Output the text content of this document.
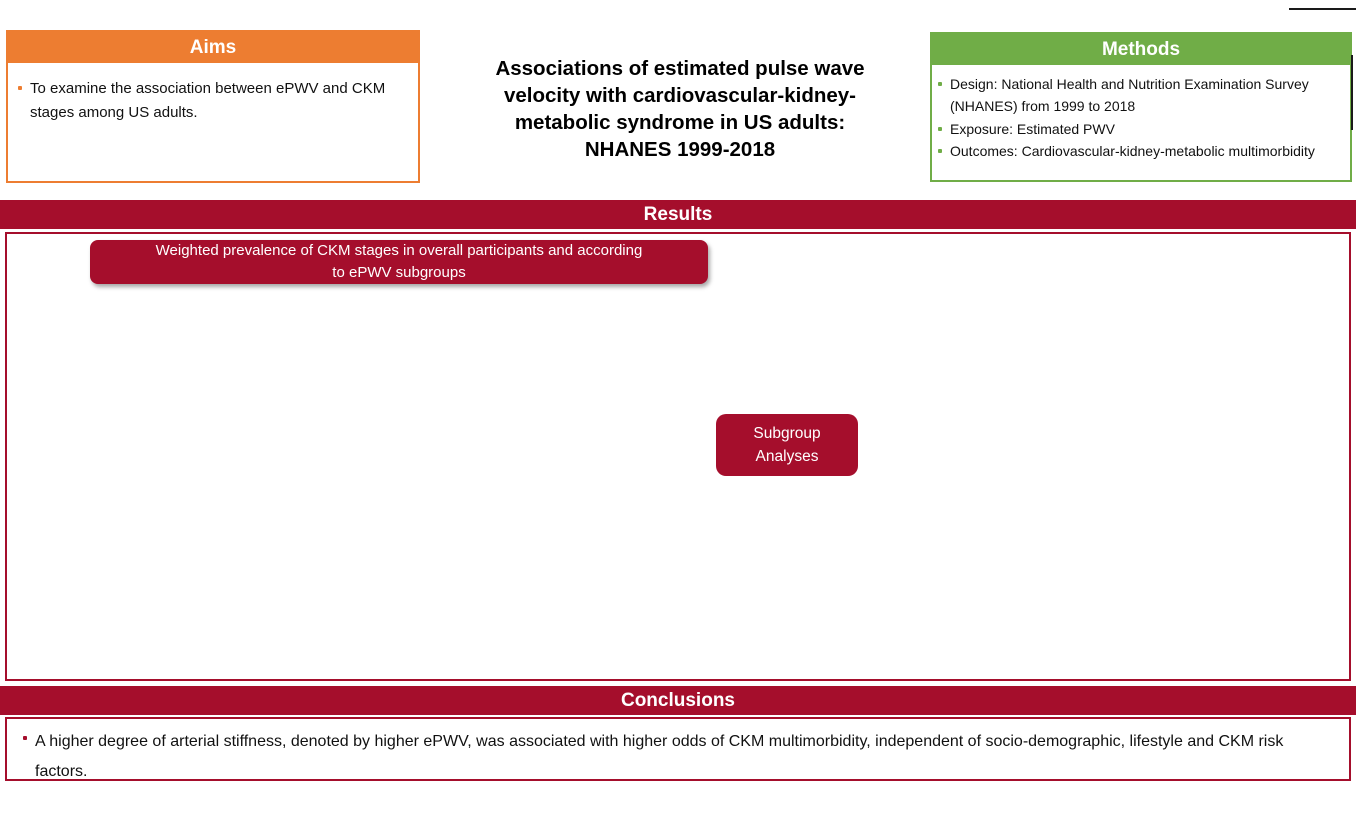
Aims
To examine the association between ePWV and CKM stages among US adults.
Associations of estimated pulse wave
velocity with cardiovascular-kidney-
metabolic syndrome in US adults:
NHANES 1999-2018
Methods
Design: National Health and Nutrition Examination Survey (NHANES) from 1999 to 2018
Exposure: Estimated PWV
Outcomes: Cardiovascular-kidney-metabolic multimorbidity
Results
Weighted prevalence of CKM stages in overall participants and according to ePWV subgroups
Subgroup
Analyses
Conclusions
A higher degree of arterial stiffness, denoted by higher ePWV, was associated with higher odds of CKM multimorbidity, independent of socio-demographic, lifestyle and CKM risk factors.
